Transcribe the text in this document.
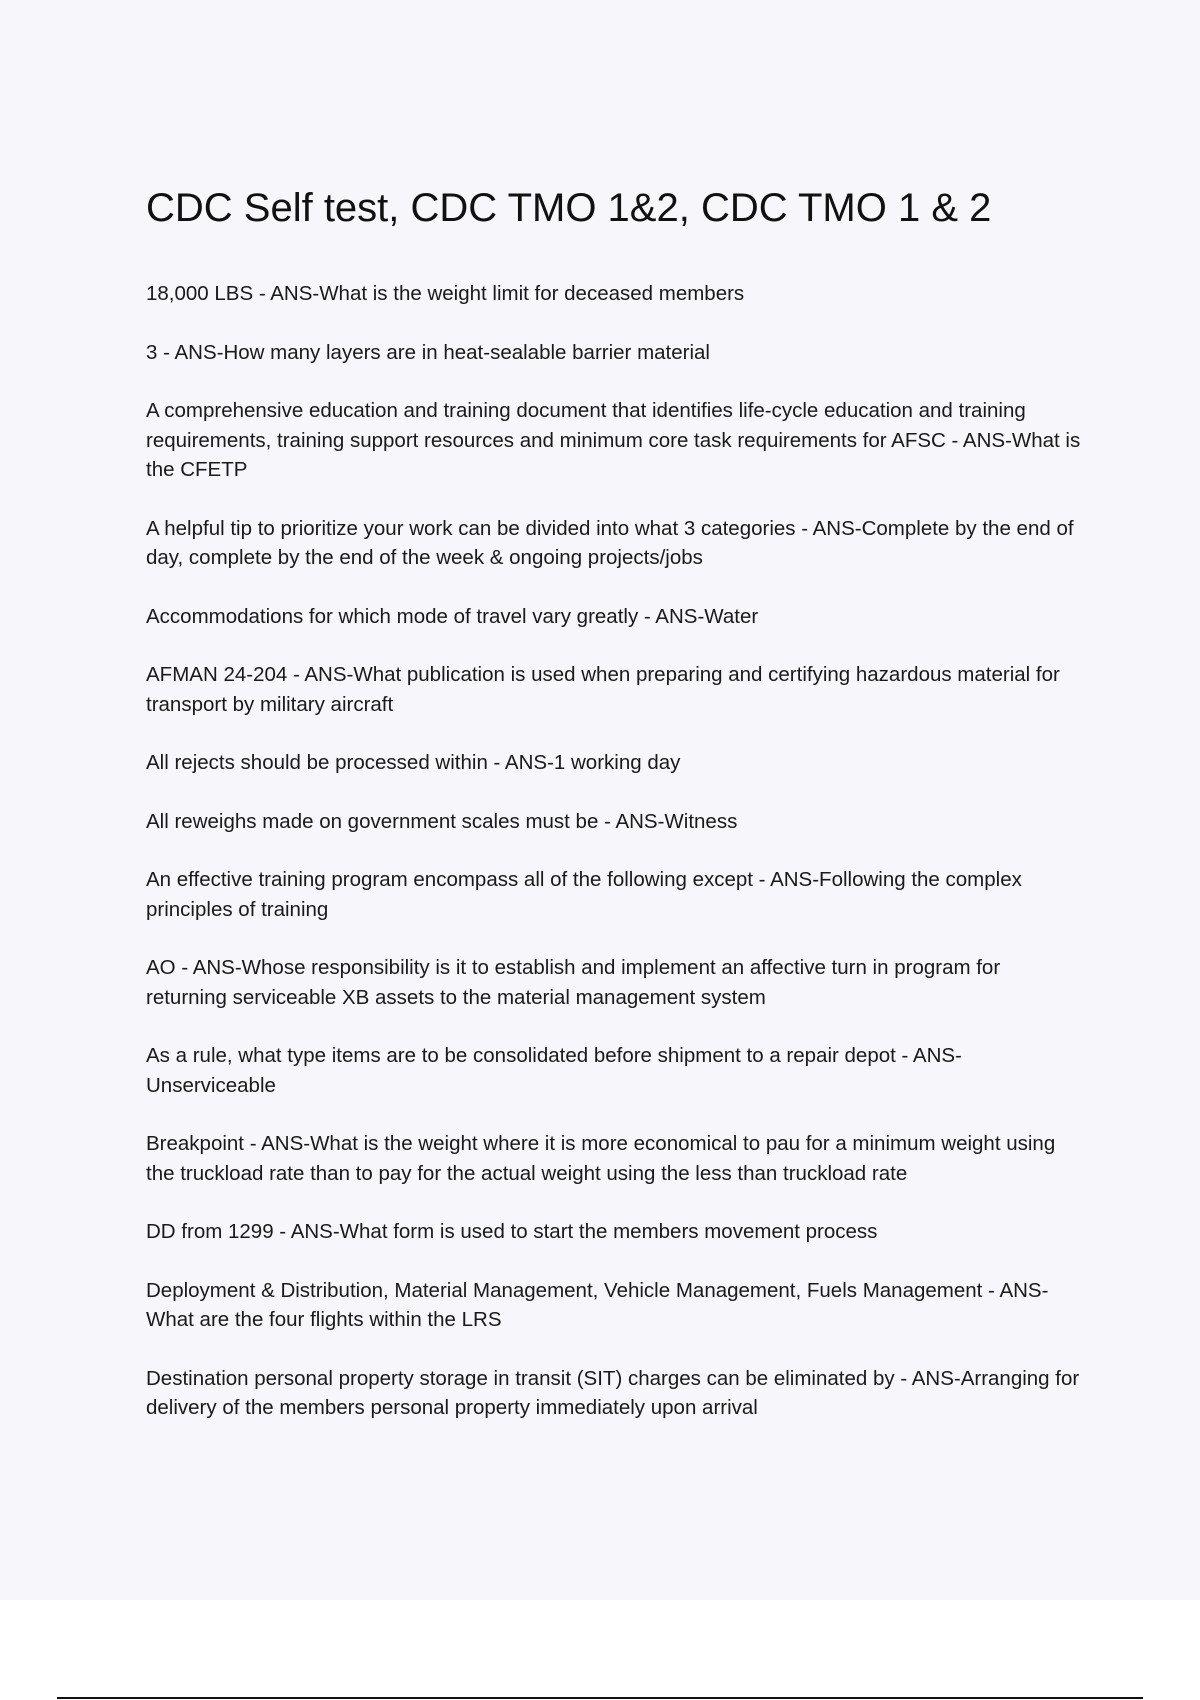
CDC Self test, CDC TMO 1&2, CDC TMO 1 & 2
18,000 LBS - ANS-What is the weight limit for deceased members
3 - ANS-How many layers are in heat-sealable barrier material
A comprehensive education and training document that identifies life-cycle education and training requirements, training support resources and minimum core task requirements for AFSC - ANS-What is the CFETP
A helpful tip to prioritize your work can be divided into what 3 categories - ANS-Complete by the end of day, complete by the end of the week & ongoing projects/jobs
Accommodations for which mode of travel vary greatly - ANS-Water
AFMAN 24-204 - ANS-What publication is used when preparing and certifying hazardous material for transport by military aircraft
All rejects should be processed within - ANS-1 working day
All reweighs made on government scales must be - ANS-Witness
An effective training program encompass all of the following except - ANS-Following the complex principles of training
AO - ANS-Whose responsibility is it to establish and implement an affective turn in program for returning serviceable XB assets to the material management system
As a rule, what type items are to be consolidated before shipment to a repair depot - ANS-Unserviceable
Breakpoint - ANS-What is the weight where it is more economical to pau for a minimum weight using the truckload rate than to pay for the actual weight using the less than truckload rate
DD from 1299 - ANS-What form is used to start the members movement process
Deployment & Distribution, Material Management, Vehicle Management, Fuels Management - ANS-What are the four flights within the LRS
Destination personal property storage in transit (SIT) charges can be eliminated by - ANS-Arranging for delivery of the members personal property immediately upon arrival
